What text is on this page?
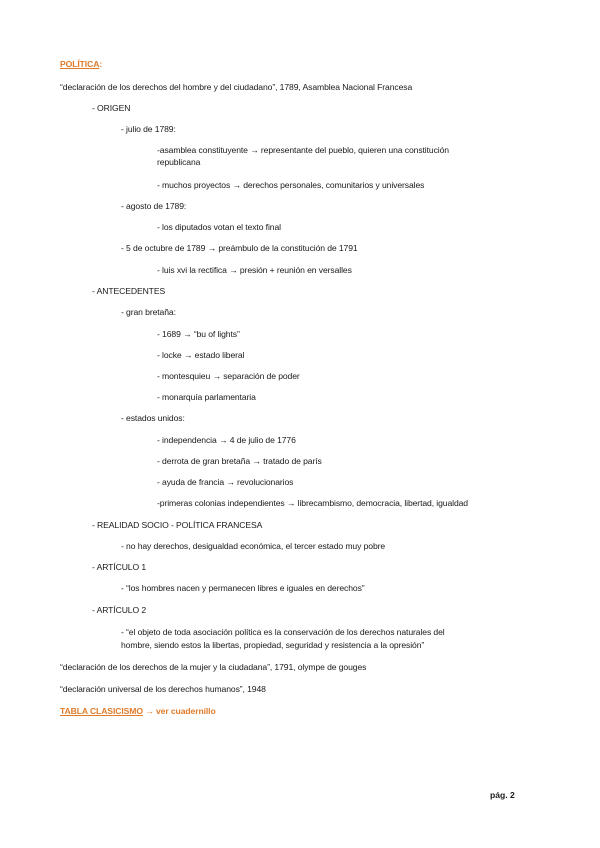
POLÍTICA:
“declaración de los derechos del hombre y del ciudadano”, 1789, Asamblea Nacional Francesa
- ORIGEN
- julio de 1789:
-asamblea constituyente → representante del pueblo, quieren una constitución
republicana
- muchos proyectos → derechos personales, comunitarios y universales
- agosto de 1789:
- los diputados votan el texto final
- 5 de octubre de 1789 → preámbulo de la constitución de 1791
- luis xvi la rectifica → presión + reunión en versalles
- ANTECEDENTES
- gran bretaña:
- 1689 → “bu of lights”
- locke → estado liberal
- montesquieu → separación de poder
- monarquía parlamentaria
- estados unidos:
- independencia → 4 de julio de 1776
- derrota de gran bretaña → tratado de parís
- ayuda de francia → revolucionarios
-primeras colonias independientes → librecambismo, democracia, libertad, igualdad
- REALIDAD SOCIO - POLÍTICA FRANCESA
- no hay derechos, desigualdad económica, el tercer estado muy pobre
- ARTÍCULO 1
- “los hombres nacen y permanecen libres e iguales en derechos”
- ARTÍCULO 2
- “el objeto de toda asociación política es la conservación de los derechos naturales del
hombre, siendo estos la libertas, propiedad, seguridad y resistencia a la opresión”
“declaración de los derechos de la mujer y la ciudadana”, 1791, olympe de gouges
“declaración universal de los derechos humanos”, 1948
TABLA CLASICISMO → ver cuadernillo
pág. 2
